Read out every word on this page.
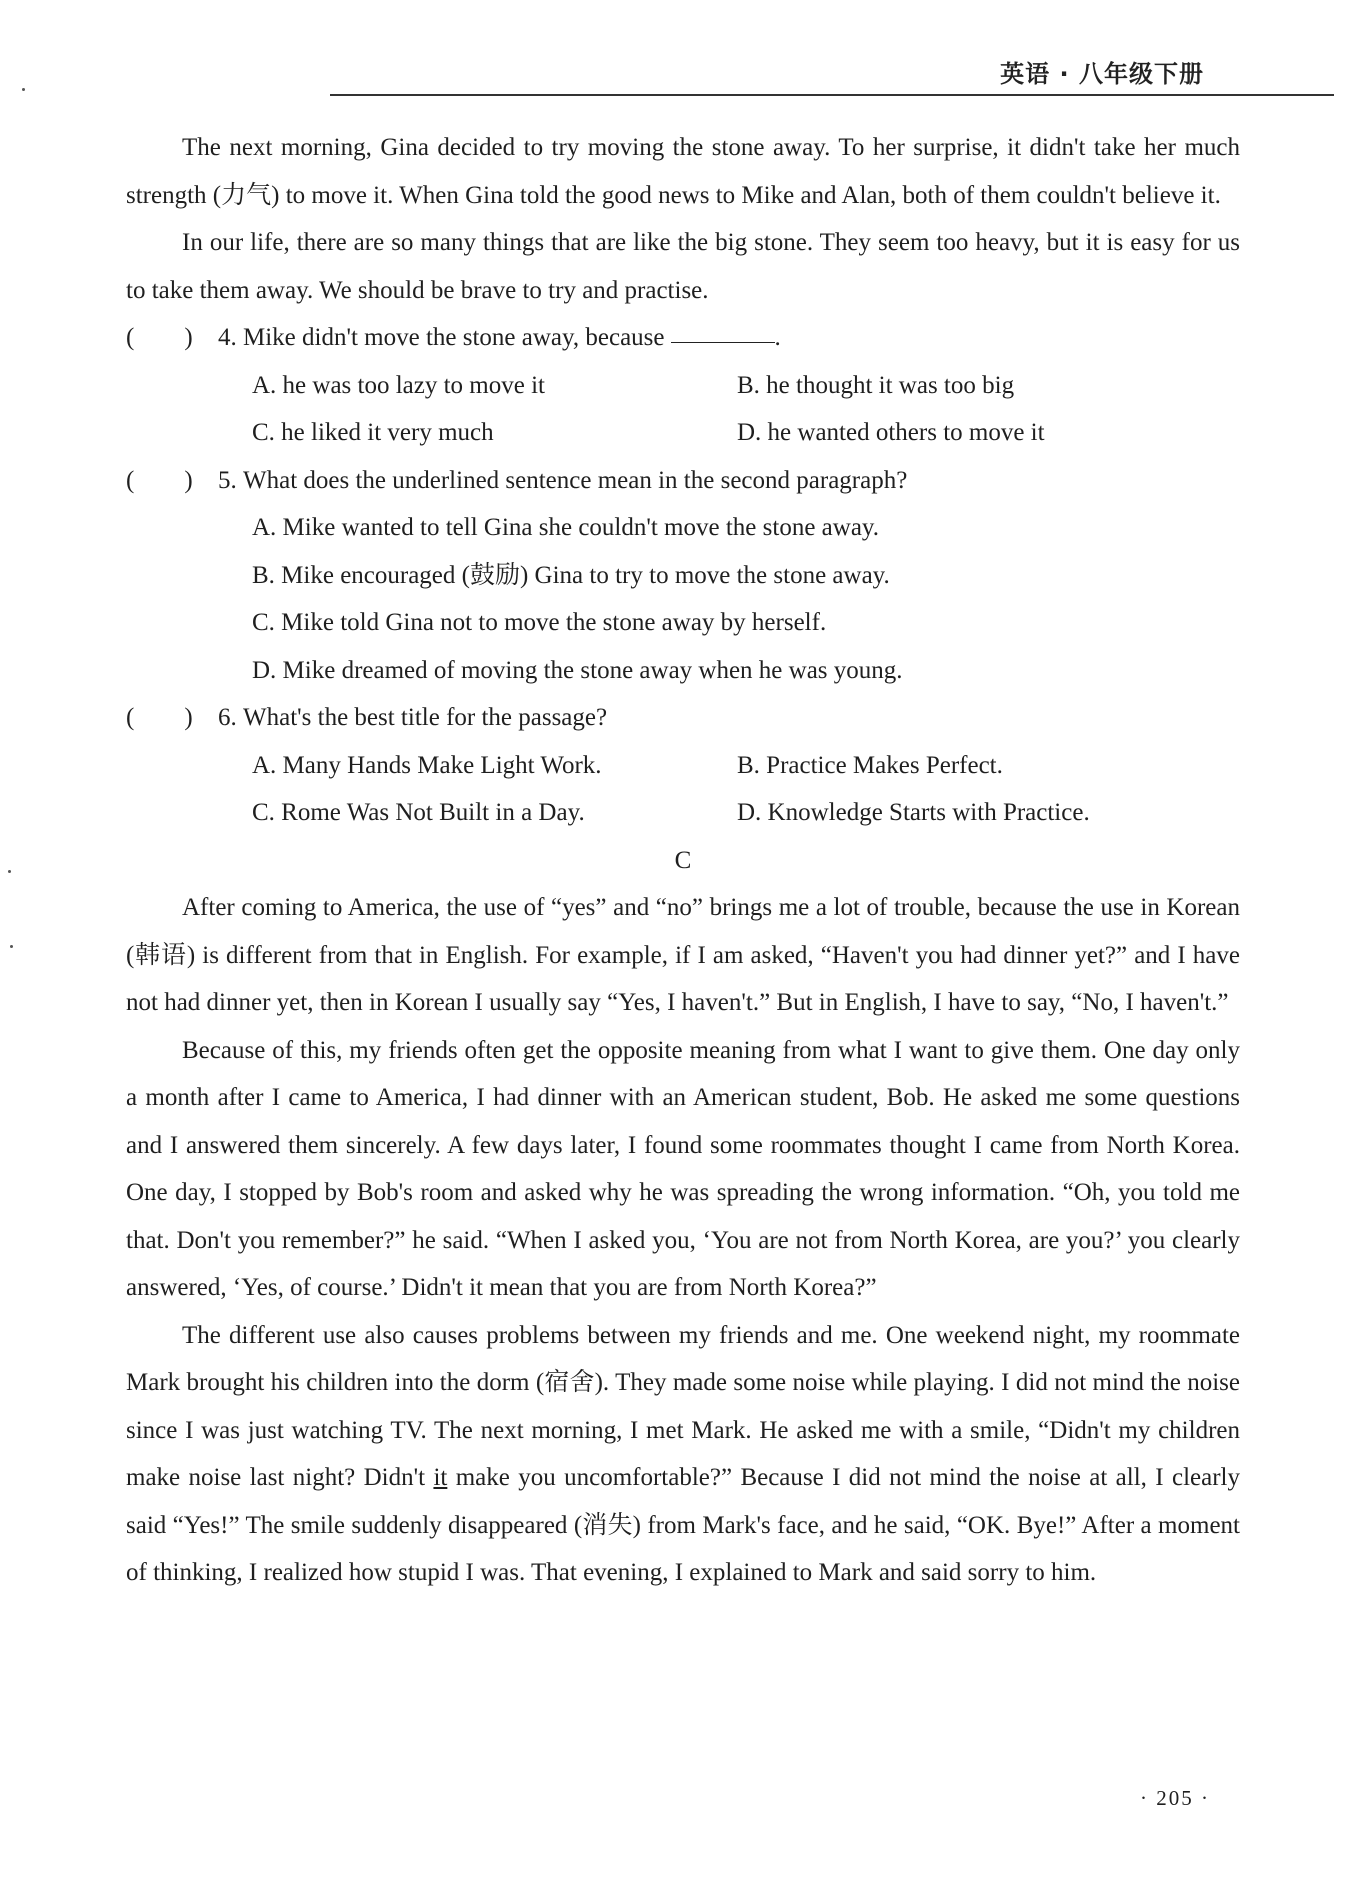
英语 · 八年级下册

The next morning, Gina decided to try moving the stone away. To her surprise, it didn't take her much strength (力气) to move it. When Gina told the good news to Mike and Alan, both of them couldn't believe it.

In our life, there are so many things that are like the big stone. They seem too heavy, but it is easy for us to take them away. We should be brave to try and practise.

(　　)	4.
Mike didn't move the stone away, because	.
A. he was too lazy to move it	B. he thought it was too big
C. he liked it very much	D. he wanted others to move it
(　　)	5.
What does the underlined sentence mean in the second paragraph?
A. Mike wanted to tell Gina she couldn't move the stone away.
B. Mike encouraged (鼓励) Gina to try to move the stone away.
C. Mike told Gina not to move the stone away by herself.
D. Mike dreamed of moving the stone away when he was young.
(　　)	6.
What's the best title for the passage?
A. Many Hands Make Light Work.	B. Practice Makes Perfect.
C. Rome Was Not Built in a Day.	D. Knowledge Starts with Practice.
C

After coming to America, the use of “yes” and “no” brings me a lot of trouble, because the use in Korean (韩语) is different from that in English. For example, if I am asked, “Haven't you had dinner yet?” and I have not had dinner yet, then in Korean I usually say “Yes, I haven't.” But in English, I have to say, “No, I haven't.”

Because of this, my friends often get the opposite meaning from what I want to give them. One day only a month after I came to America, I had dinner with an American student, Bob. He asked me some questions and I answered them sincerely. A few days later, I found some roommates thought I came from North Korea. One day, I stopped by Bob's room and asked why he was spreading the wrong information. “Oh, you told me that. Don't you remember?” he said. “When I asked you, ‘You are not from North Korea, are you?’ you clearly answered, ‘Yes, of course.’ Didn't it mean that you are from North Korea?”

The different use also causes problems between my friends and me. One weekend night, my roommate Mark brought his children into the dorm (宿舍). They made some noise while playing. I did not mind the noise since I was just watching TV. The next morning, I met Mark. He asked me with a smile, “Didn't my children make noise last night? Didn't it make you uncomfortable?” Because I did not mind the noise at all, I clearly said “Yes!” The smile suddenly disappeared (消失) from Mark's face, and he said, “OK. Bye!” After a moment of thinking, I realized how stupid I was. That evening, I explained to Mark and said sorry to him.

· 205 ·
